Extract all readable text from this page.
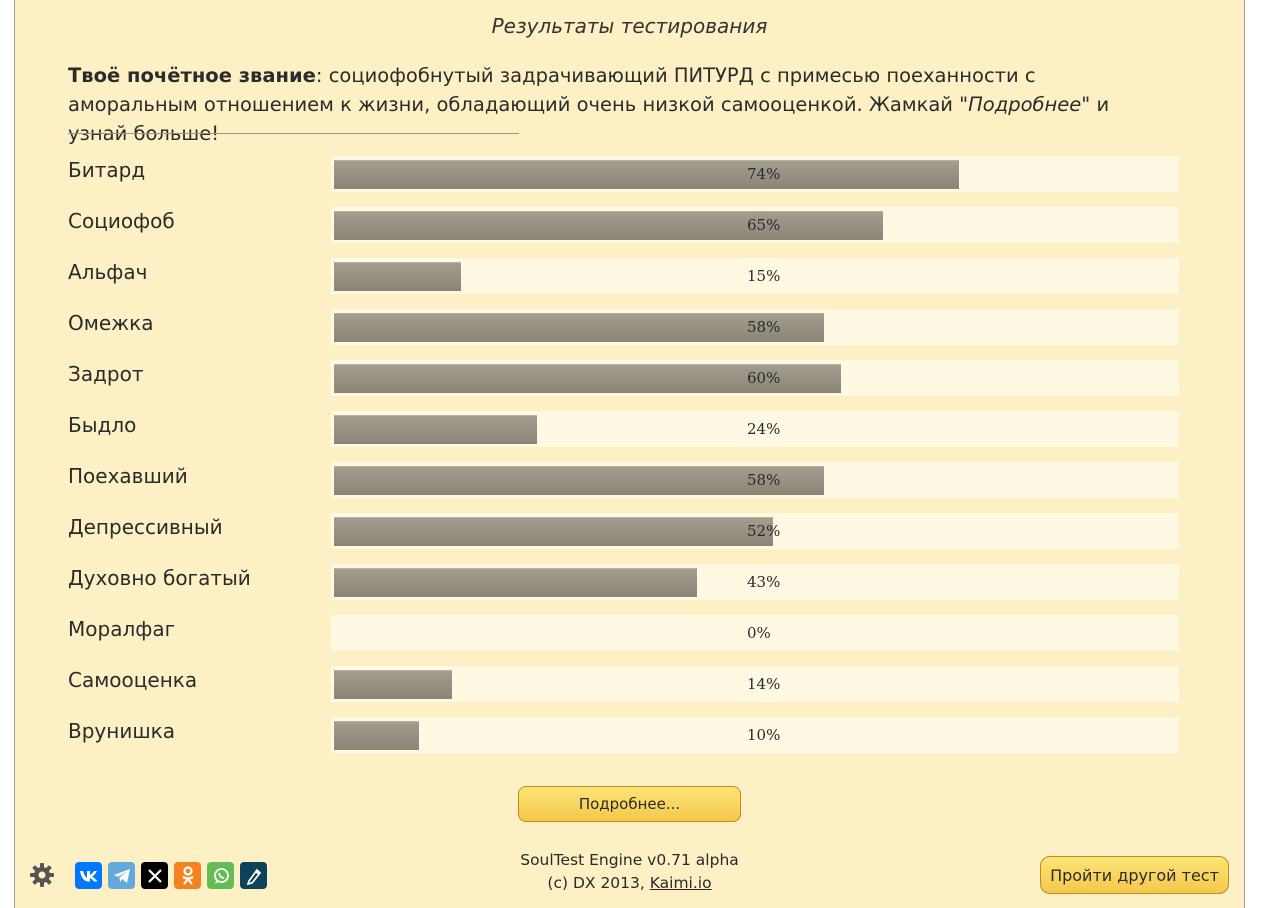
Результаты тестирования
Твоё почётное звание: социофобнутый задрачивающий ПИТУРД с примесью поеханности с аморальным отношением к жизни, обладающий очень низкой самооценкой. Жамкай "Подробнее" и узнай больше!
Битард	74%
Социофоб	65%
Альфач	15%
Омежка	58%
Задрот	60%
Быдло	24%
Поехавший	58%
Депрессивный	52%
Духовно богатый	43%
Моралфаг	0%
Самооценка	14%
Врунишка	10%
Подробнее...
SoulTest Engine v0.71 alpha
(c) DX 2013, Kaimi.io	Пройти другой тест
